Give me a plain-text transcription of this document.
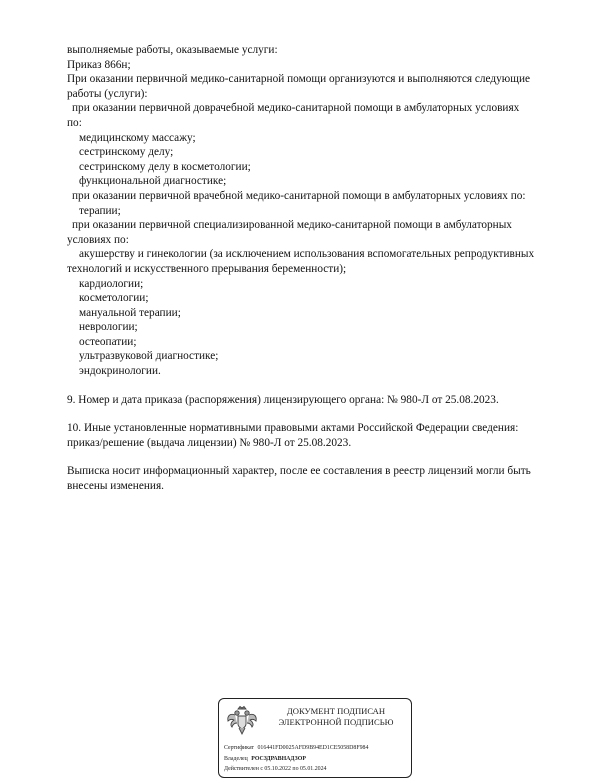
выполняемые работы, оказываемые услуги:
Приказ 866н;
При оказании первичной медико-санитарной помощи организуются и выполняются следующие
работы (услуги):
при оказании первичной доврачебной медико-санитарной помощи в амбулаторных условиях
по:
медицинскому массажу;
сестринскому делу;
сестринскому делу в косметологии;
функциональной диагностике;
при оказании первичной врачебной медико-санитарной помощи в амбулаторных условиях по:
терапии;
при оказании первичной специализированной медико-санитарной помощи в амбулаторных
условиях по:
акушерству и гинекологии (за исключением использования вспомогательных репродуктивных
технологий и искусственного прерывания беременности);
кардиологии;
косметологии;
мануальной терапии;
неврологии;
остеопатии;
ультразвуковой диагностике;
эндокринологии.
9. Номер и дата приказа (распоряжения) лицензирующего органа: № 980-Л от 25.08.2023.
10. Иные установленные нормативными правовыми актами Российской Федерации сведения:
приказ/решение (выдача лицензии) № 980-Л от 25.08.2023.
Выписка носит информационный характер, после ее составления в реестр лицензий могли быть
внесены изменения.
ДОКУМЕНТ ПОДПИСАН
ЭЛЕКТРОННОЙ ПОДПИСЬЮ
Сертификат 016441FD0025AFD9B94ED1CE5058D8F984
Владелец РОСЗДРАВНАДЗОР
Действителен с 05.10.2022 по 05.01.2024
